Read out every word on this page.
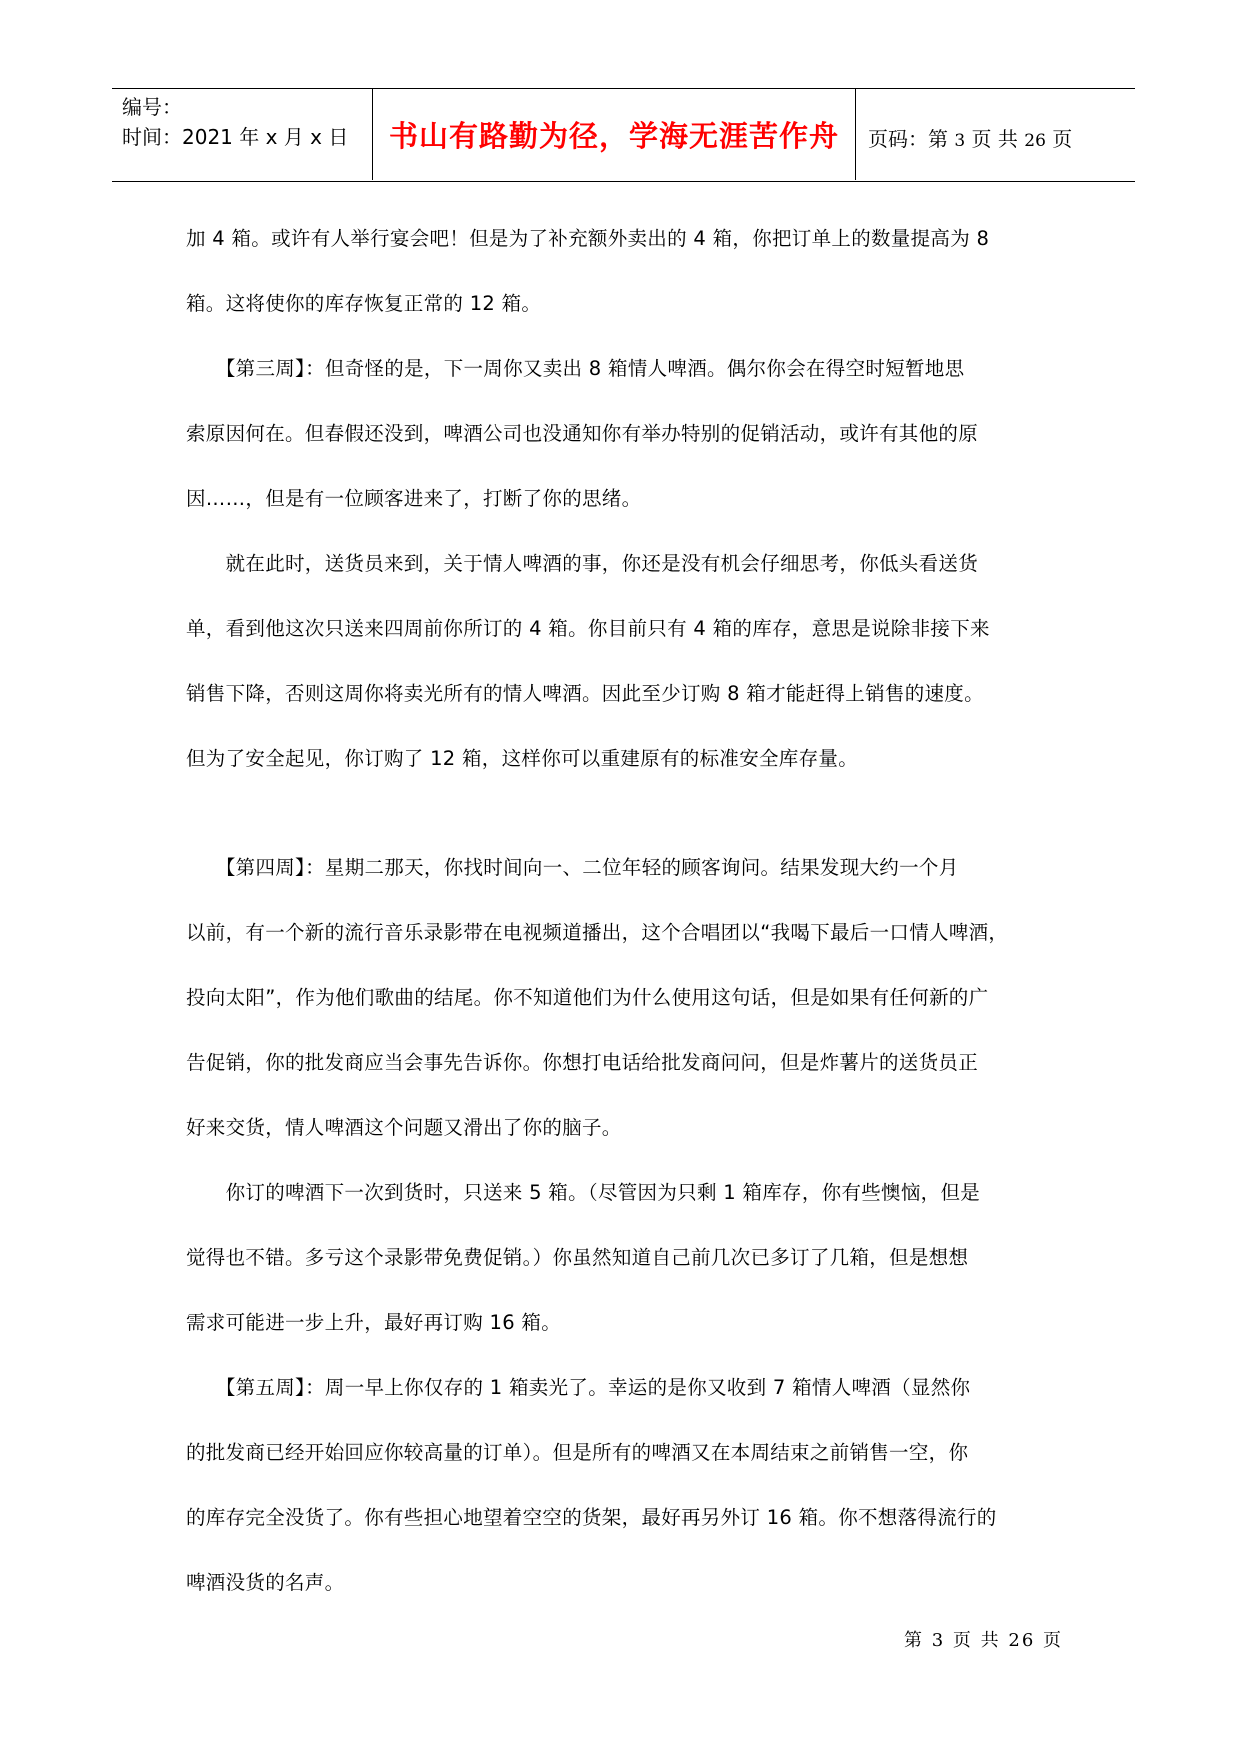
编号：
时间：2021 年 x 月 x 日	书山有路勤为径，学海无涯苦作舟 页码：第 3 页 共 26 页
加 4 箱。或许有人举行宴会吧！但是为了补充额外卖出的 4 箱，你把订单上的数量提高为 8
箱。这将使你的库存恢复正常的 12 箱。
　　【第三周】：但奇怪的是，下一周你又卖出 8 箱情人啤酒。偶尔你会在得空时短暂地思
索原因何在。但春假还没到，啤酒公司也没通知你有举办特别的促销活动，或许有其他的原
因……，但是有一位顾客进来了，打断了你的思绪。
　　就在此时，送货员来到，关于情人啤酒的事，你还是没有机会仔细思考，你低头看送货
单，看到他这次只送来四周前你所订的 4 箱。你目前只有 4 箱的库存，意思是说除非接下来
销售下降，否则这周你将卖光所有的情人啤酒。因此至少订购 8 箱才能赶得上销售的速度。
但为了安全起见，你订购了 12 箱，这样你可以重建原有的标准安全库存量。
　　【第四周】：星期二那天，你找时间向一、二位年轻的顾客询问。结果发现大约一个月
以前，有一个新的流行音乐录影带在电视频道播出，这个合唱团以“我喝下最后一口情人啤酒，
投向太阳”，作为他们歌曲的结尾。你不知道他们为什么使用这句话，但是如果有任何新的广
告促销，你的批发商应当会事先告诉你。你想打电话给批发商问问，但是炸薯片的送货员正
好来交货，情人啤酒这个问题又滑出了你的脑子。
　　你订的啤酒下一次到货时，只送来 5 箱。（尽管因为只剩 1 箱库存，你有些懊恼，但是
觉得也不错。多亏这个录影带免费促销。）你虽然知道自己前几次已多订了几箱，但是想想
需求可能进一步上升，最好再订购 16 箱。
　　【第五周】：周一早上你仅存的 1 箱卖光了。幸运的是你又收到 7 箱情人啤酒（显然你
的批发商已经开始回应你较高量的订单）。但是所有的啤酒又在本周结束之前销售一空，你
的库存完全没货了。你有些担心地望着空空的货架，最好再另外订 16 箱。你不想落得流行的
啤酒没货的名声。
第 3 页 共 26 页
